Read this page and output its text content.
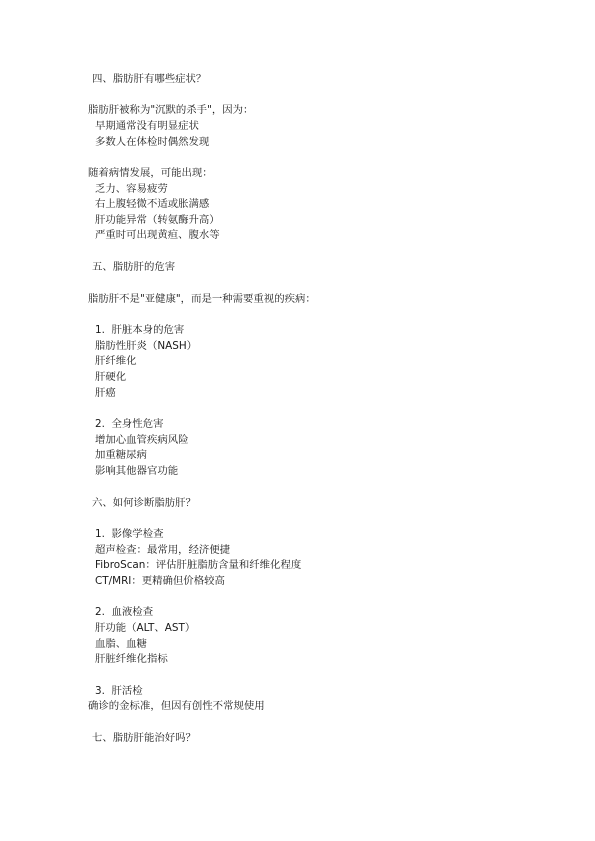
四、脂肪肝有哪些症状？
脂肪肝被称为"沉默的杀手"，因为：
早期通常没有明显症状
多数人在体检时偶然发现
随着病情发展，可能出现：
乏力、容易疲劳
右上腹轻微不适或胀满感
肝功能异常（转氨酶升高）
严重时可出现黄疸、腹水等
五、脂肪肝的危害
脂肪肝不是"亚健康"，而是一种需要重视的疾病：
1.  肝脏本身的危害
脂肪性肝炎（NASH）
肝纤维化
肝硬化
肝癌
2.  全身性危害
增加心血管疾病风险
加重糖尿病
影响其他器官功能
六、如何诊断脂肪肝？
1.  影像学检查
超声检查：最常用，经济便捷
FibroScan：评估肝脏脂肪含量和纤维化程度
CT/MRI：更精确但价格较高
2.  血液检查
肝功能（ALT、AST）
血脂、血糖
肝脏纤维化指标
3.  肝活检
确诊的金标准，但因有创性不常规使用
七、脂肪肝能治好吗？
